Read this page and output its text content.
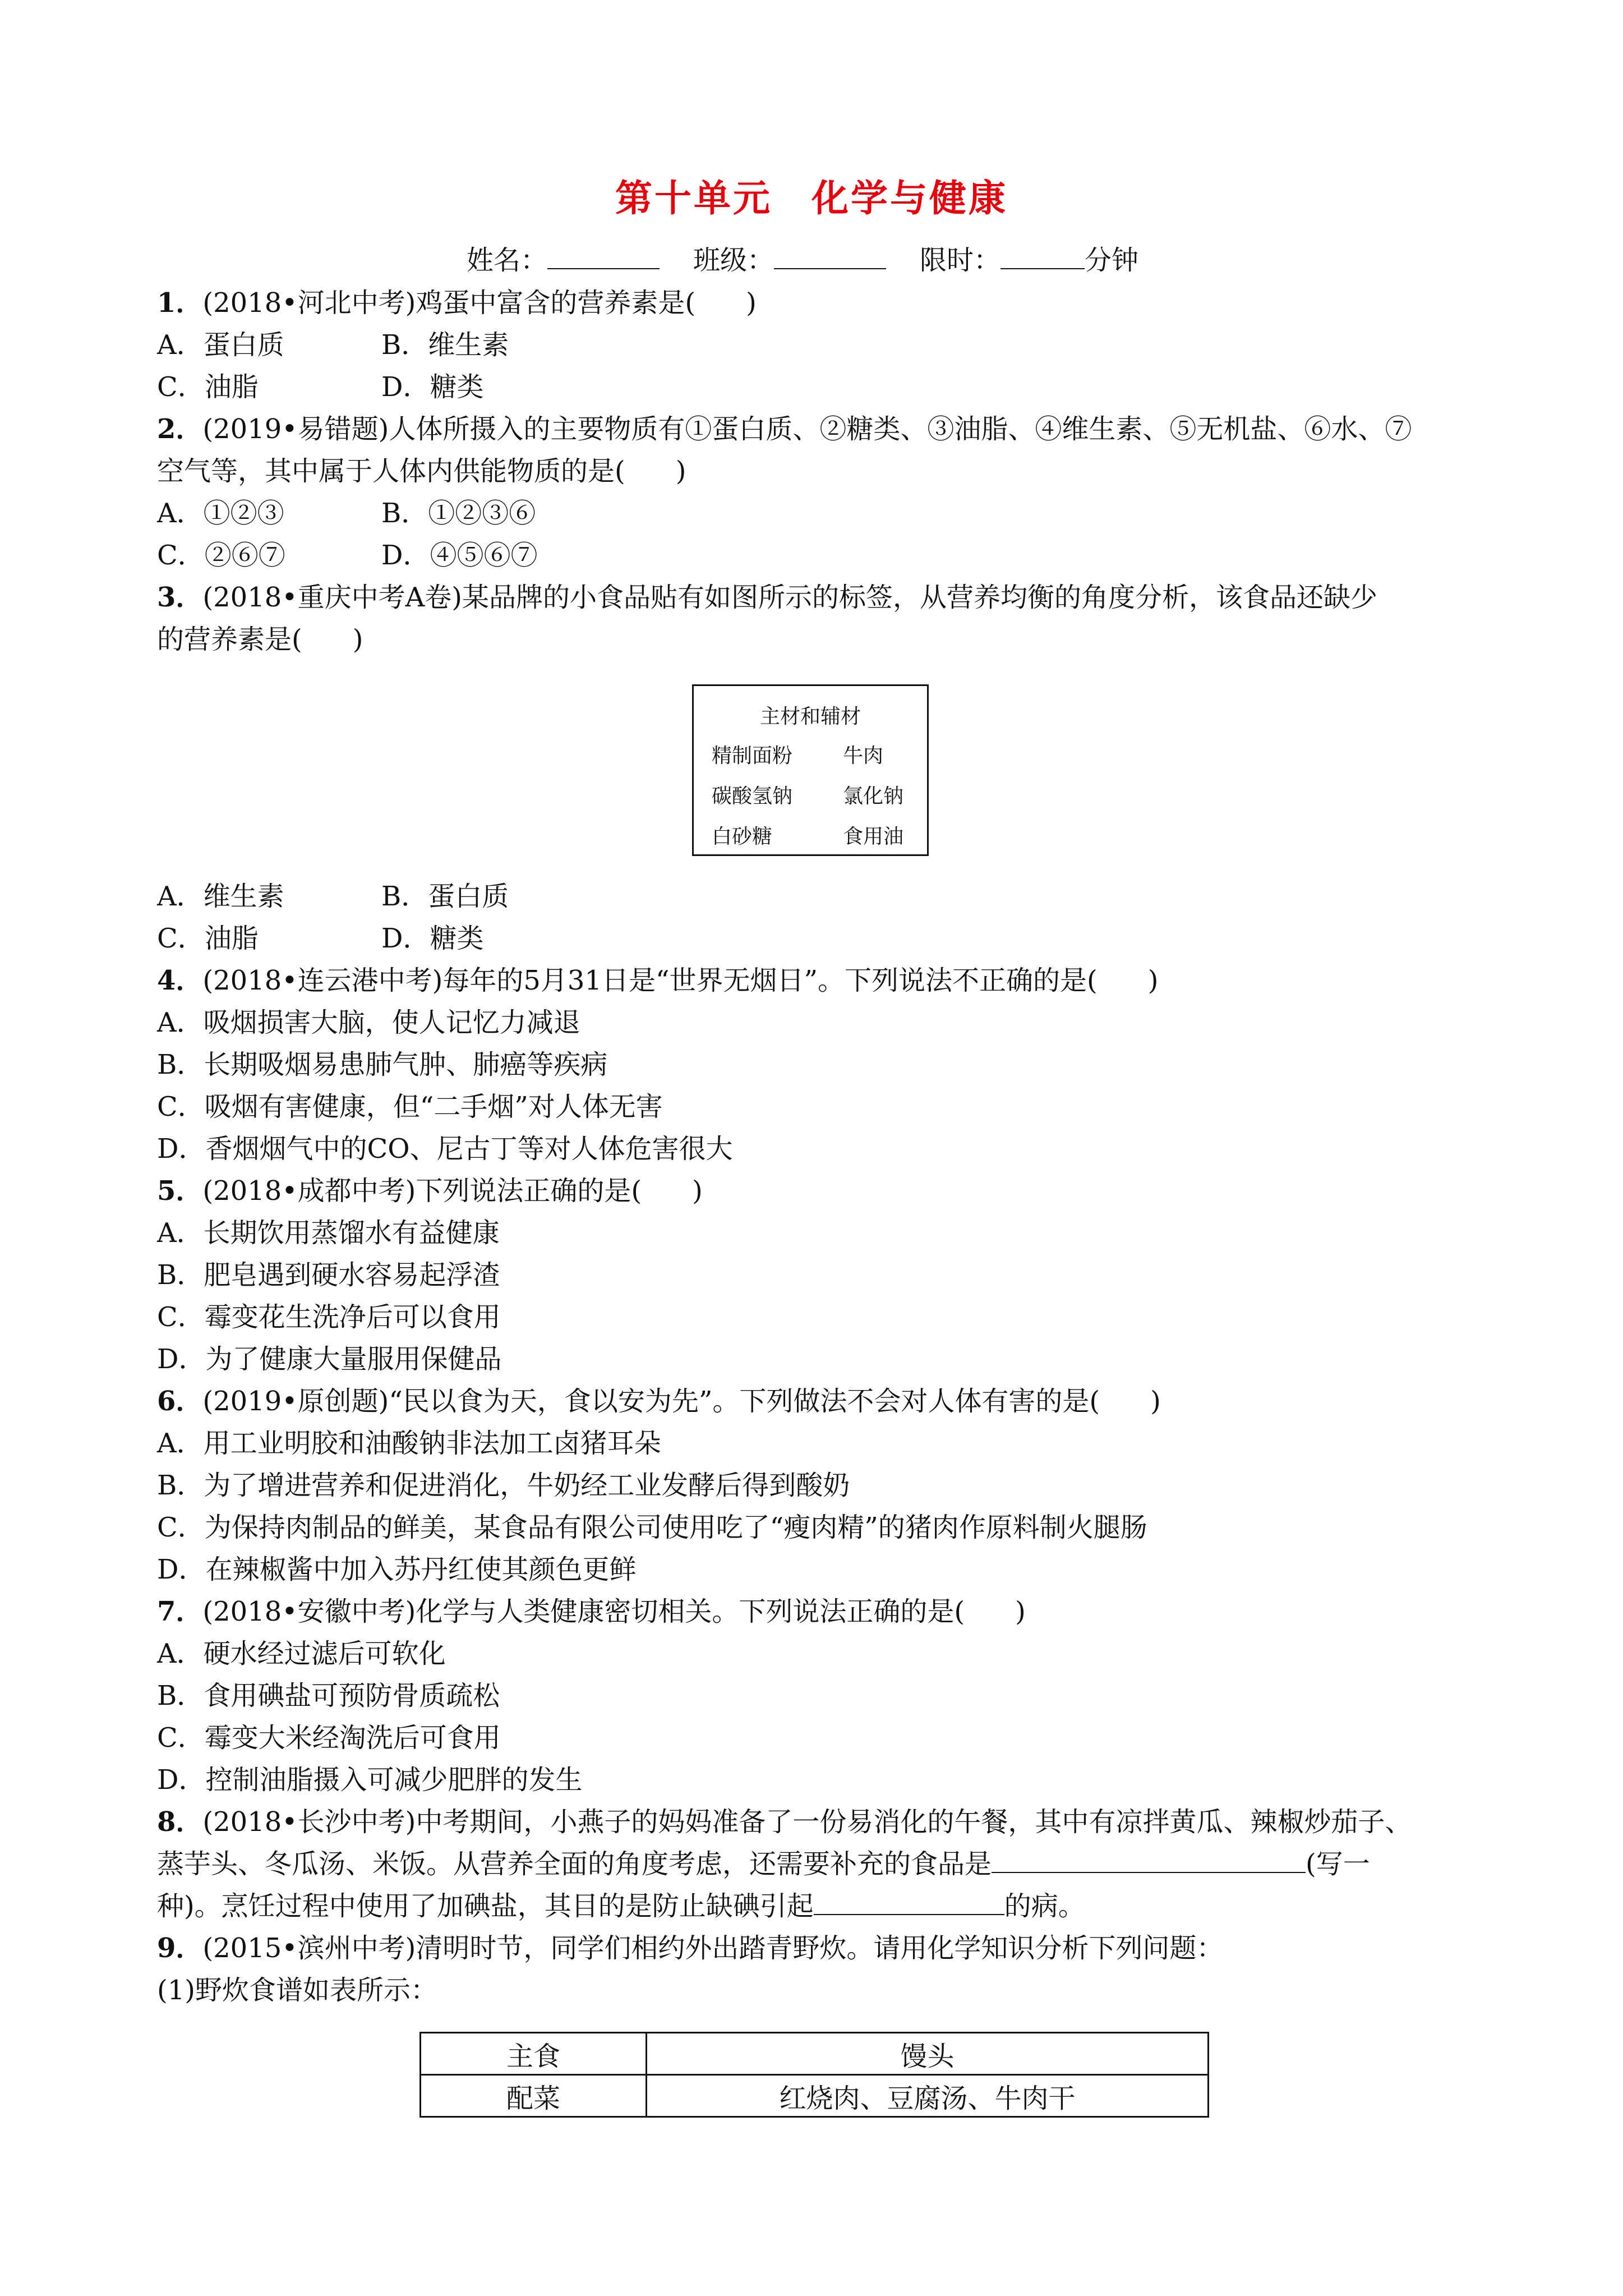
第十单元 化学与健康
姓名：	班级：	限时：	分钟
1．(2018•河北中考)鸡蛋中富含的营养素是( )
A．蛋白质	B．维生素
C．油脂	D．糖类
2．(2019•易错题)人体所摄入的主要物质有①蛋白质、②糖类、③油脂、④维生素、⑤无机盐、⑥水、⑦
空气等，其中属于人体内供能物质的是( )
A．①②③	B．①②③⑥
C．②⑥⑦	D．④⑤⑥⑦
3．(2018•重庆中考A卷)某品牌的小食品贴有如图所示的标签，从营养均衡的角度分析，该食品还缺少
的营养素是( )
主材和辅材
精制面粉 牛肉
碳酸氢钠 氯化钠
白砂糖	食用油
A．维生素	B．蛋白质
C．油脂	D．糖类
4．(2018•连云港中考)每年的5月31日是“世界无烟日”。下列说法不正确的是( )
A．吸烟损害大脑，使人记忆力减退
B．长期吸烟易患肺气肿、肺癌等疾病
C．吸烟有害健康，但“二手烟”对人体无害
D．香烟烟气中的CO、尼古丁等对人体危害很大
5．(2018•成都中考)下列说法正确的是( )
A．长期饮用蒸馏水有益健康
B．肥皂遇到硬水容易起浮渣
C．霉变花生洗净后可以食用
D．为了健康大量服用保健品
6．(2019•原创题)“民以食为天，食以安为先”。下列做法不会对人体有害的是( )
A．用工业明胶和油酸钠非法加工卤猪耳朵
B．为了增进营养和促进消化，牛奶经工业发酵后得到酸奶
C．为保持肉制品的鲜美，某食品有限公司使用吃了“瘦肉精”的猪肉作原料制火腿肠
D．在辣椒酱中加入苏丹红使其颜色更鲜
7．(2018•安徽中考)化学与人类健康密切相关。下列说法正确的是( )
A．硬水经过滤后可软化
B．食用碘盐可预防骨质疏松
C．霉变大米经淘洗后可食用
D．控制油脂摄入可减少肥胖的发生
8．(2018•长沙中考)中考期间，小燕子的妈妈准备了一份易消化的午餐，其中有凉拌黄瓜、辣椒炒茄子、
蒸芋头、冬瓜汤、米饭。从营养全面的角度考虑，还需要补充的食品是	(写一
种)。烹饪过程中使用了加碘盐，其目的是防止缺碘引起	的病。
9．(2015•滨州中考)清明时节，同学们相约外出踏青野炊。请用化学知识分析下列问题：
(1)野炊食谱如表所示：
主食	馒头
配菜	红烧肉、豆腐汤、牛肉干
